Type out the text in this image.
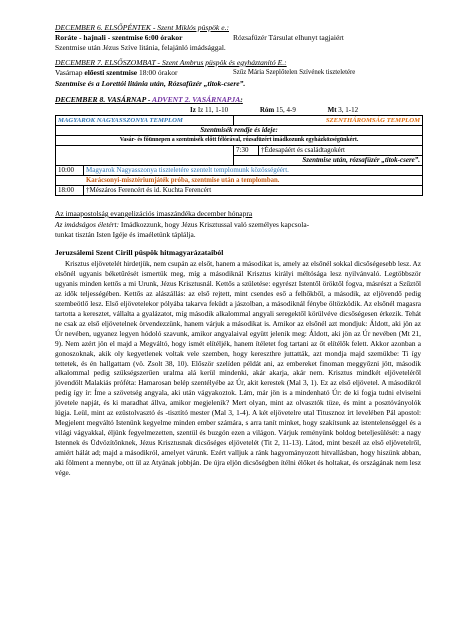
DECEMBER 6. ELSŐPÉNTEK - Szent Miklós püspök e.:
Roráte - hajnali - szentmise 6:00 órakor	Rózsafüzér Társulat elhunyt tagjaiért
Szentmise után Jézus Szíve litánia, felajánló imádsággal.
DECEMBER 7. ELSŐSZOMBAT - Szent Ambrus püspök és egyháztanító E.:
Vasárnap előesti szentmise 18:00 órakor	Szűz Mária Szeplőtelen Szívének tiszteletére
Szentmise és a Lorettói litánia után, Rózsafüzér „titok-csere”.
DECEMBER 8. VASÁRNAP - ADVENT 2. VASÁRNAPJA:
Iz Iz 11, 1-10	Róm 15, 4-9	Mt 3, 1-12
MAGYAROK NAGYASSZONYA TEMPLOM		SZENTHÁROMSÁG TEMPLOM	
Szentmisék rendje és ideje:			
Vasár- és főünnepen a szentmisék előtt félórával, rózsafüzért imádkozunk egyházközségünkért.			
		7:30	†Édesapáért és családtagokért
		Szentmise után, rózsafüzér „titok-csere”.	
10:00	Magyarok Nagyasszonya tiszteletére szentelt templomunk közösségéért.		
Karácsonyi-misztériumjáték próba, szentmise után a templomban.			
18:00	†Mészáros Ferencért és id. Kuchta Ferencért		
Az imaapostolság evangelizációs imaszándéka december hónapra
Az imádságos életért: Imádkozzunk, hogy Jézus Krisztussal való személyes kapcsola-
tunkat tisztán Isten Igéje és imaéletünk táplálja.
Jeruzsálemi Szent Cirill püspök hitmagyarázataiból

Krisztus eljövetelét hirdetjük, nem csupán az elsőt, hanem a másodikat is, amely az elsőnél sokkal dicsőségesebb lesz. Az elsőnél ugyanis béketűrését ismertük meg, míg a másodiknál Krisztus királyi méltósága lesz nyilvánvaló. Legtöbbször ugyanis minden kettős a mi Urunk, Jézus Krisztusnál. Kettős a születése: egyrészt Istentől öröktől fogva, másrészt a Szűztől az idők teljességében. Kettős az alászállás: az első rejtett, mint csendes eső a felhőkből, a második, az eljövendő pedig szembeötlő lesz. Első eljövetelekor pólyába takarva feküdt a jászolban, a másodiknál fénybe öltözködik. Az elsőnél magasra tartotta a keresztet, vállalta a gyalázatot, míg második alkalommal angyali seregektől körülvéve dicsőségesen érkezik. Tehát ne csak az első eljövetelnek örvendezzünk, hanem várjuk a másodikat is. Amikor az elsőnél azt mondjuk: Áldott, aki jön az Úr nevében, ugyanez legyen hódoló szavunk, amikor angyalaival együtt jelenik meg: Áldott, aki jön az Úr nevében (Mt 21, 9). Nem azért jön el majd a Megváltó, hogy ismét elítéljék, hanem ítéletet fog tartani az őt elítélők felett. Akkor azonban a gonoszoknak, akik oly kegyetlenek voltak vele szemben, hogy kereszthre juttatták, azt mondja majd szemükbe: Ti így tettetek, és én hallgattam (vö. Zsolt 38, 10). Először szelíden példát ani, az embereket finoman meggyőzni jött, második alkalommal pedig szükségszerűen uralma alá kerül mindenki, akár akarja, akár nem. Krisztus mindkét eljöveteléről jövendölt Malakiás próféta: Hamarosan belép szentélyébe az Úr, akit kerestek (Mal 3, 1). Ez az első eljövetel. A másodikról pedig így ír: Íme a szövetség angyala, aki után vágyakoztok. Lám, már jön is a mindenható Úr: de ki fogja tudni elviselni jövetele napját, és ki maradhat állva, amikor megjelenik? Mert olyan, mint az olvasztók tüze, és mint a posztóványolók lúgja. Leül, mint az ezüstolvasztó és -tisztító mester (Mal 3, 1-4). A két eljövetelre utal Titusznoz írt levelében Pál apostol: Megjelent megváltó Istenünk kegyelme minden ember számára, s arra tanít minket, hogy szakítsunk az istentelenséggel és a világi vágyakkal, éljünk fegyelmezetten, szentül és buzgón ezen a világon. Várjuk reményünk boldog beteljesülését: a nagy Istennek és Üdvözítőnknek, Jézus Krisztusnak dicsőséges eljövetelét (Tit 2, 11-13). Látod, mint beszél az első eljövetelről, amiért hálát ad; majd a másodikról, amelyet várunk. Ezért valljuk a ránk hagyományozott hitvallásban, hogy hiszünk abban, aki fölment a mennybe, ott ül az Atyának jobbján. De újra eljön dicsőségben ítélni élőket és holtakat, és országának nem lesz vége.
